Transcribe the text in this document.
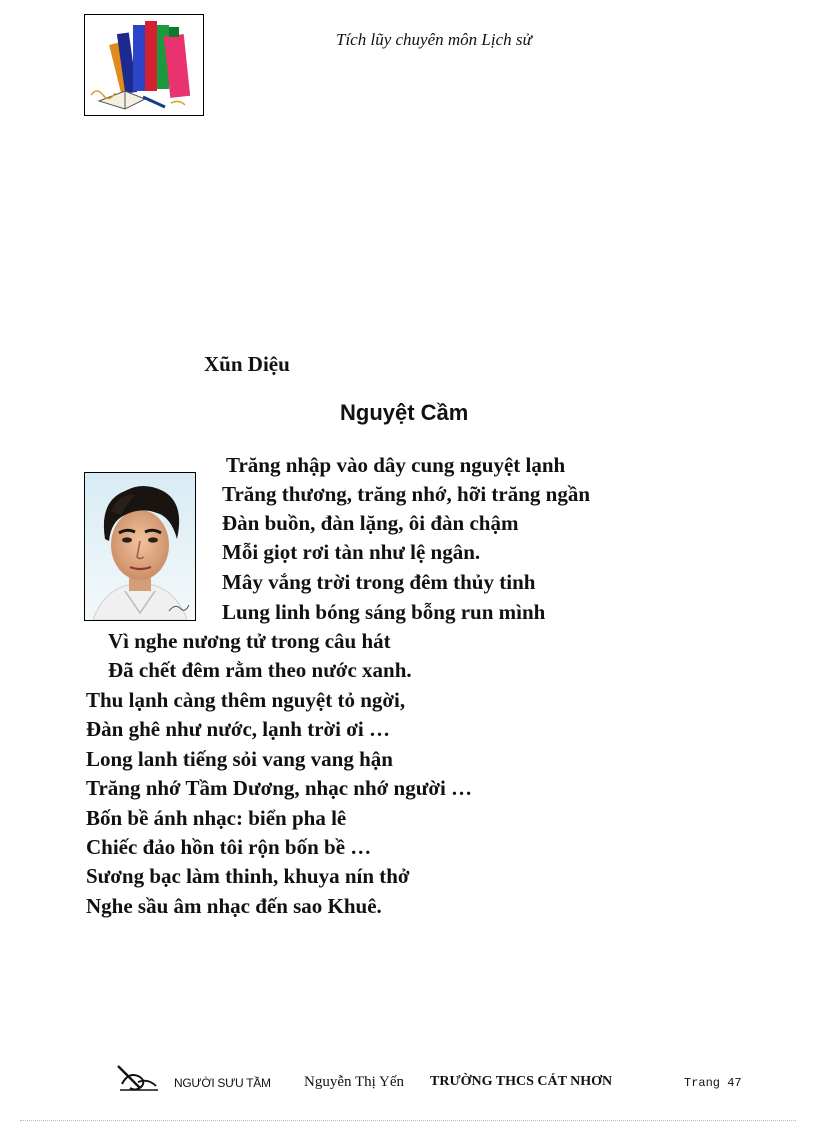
Tích lũy chuyên môn Lịch sử
Xũn Diệu
Nguyệt Cầm
Trăng nhập vào dây cung nguyệt lạnh
Trăng thương, trăng nhớ, hỡi trăng ngần
Đàn buồn, đàn lặng, ôi đàn chậm
Mỗi giọt rơi tàn như lệ ngân.
Mây vắng trời trong đêm thủy tinh
Lung linh bóng sáng bỗng run mình
Vì nghe nương tử trong câu hát
Đã chết đêm rằm theo nước xanh.
Thu lạnh càng thêm nguyệt tỏ ngời,
Đàn ghê như nước, lạnh trời ơi …
Long lanh tiếng sỏi vang vang hận
Trăng nhớ Tầm Dương, nhạc nhớ người …
Bốn bề ánh nhạc: biển pha lê
Chiếc đảo hồn tôi rộn bốn bề …
Sương bạc làm thinh, khuya nín thở
Nghe sầu âm nhạc đến sao Khuê.
NGƯỜI SƯU TẦM Nguyễn Thị Yến TRƯỜNG THCS CÁT NHƠN	Trang 47
